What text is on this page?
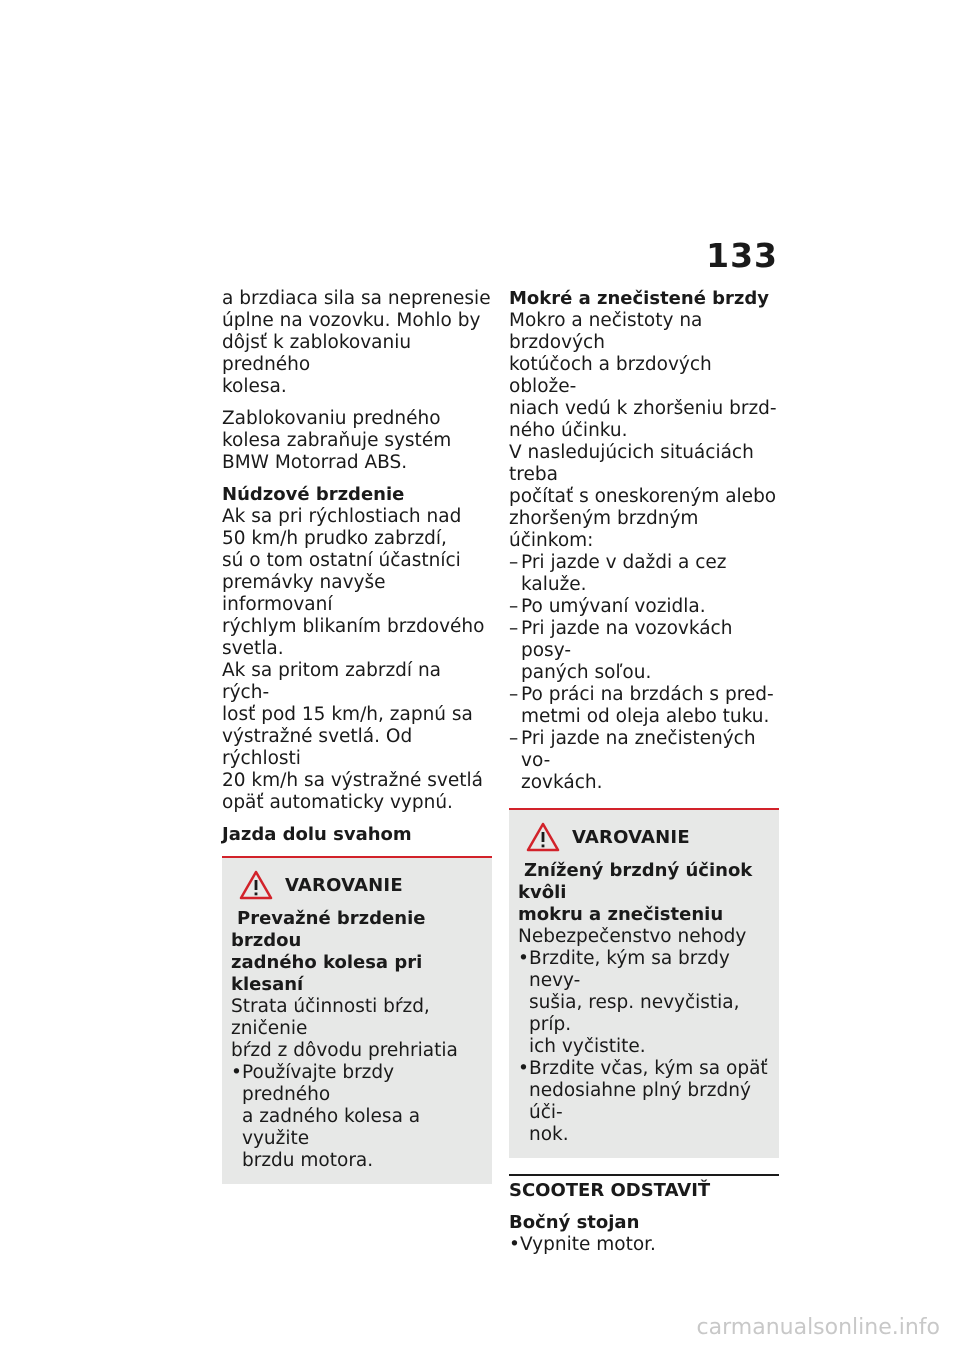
133

a brzdiaca sila sa neprenesie
úplne na vozovku. Mohlo by
dôjsť k zablokovaniu predného
kolesa.

Zablokovaniu predného
kolesa zabraňuje systém
BMW Motorrad ABS.

Núdzové brzdenie

Ak sa pri rýchlostiach nad
50 km/h prudko zabrzdí,
sú o tom ostatní účastníci
premávky navyše informovaní
rýchlym blikaním brzdového
svetla.

Ak sa pritom zabrzdí na rých-
losť pod 15 km/h, zapnú sa
výstražné svetlá. Od rýchlosti
20 km/h sa výstražné svetlá
opäť automaticky vypnú.

Jazda dolu svahom
VAROVANIE

Prevažné brzdenie brzdou
zadného kolesa pri klesaní

Strata účinnosti bŕzd, zničenie
bŕzd z dôvodu prehriatia

• Používajte brzdy predného
a zadného kolesa a využite
brzdu motora.
Mokré a znečistené brzdy

Mokro a nečistoty na brzdových
kotúčoch a brzdových oblože-
niach vedú k zhoršeniu brzd-
ného účinku.

V nasledujúcich situáciách treba
počítať s oneskoreným alebo
zhoršeným brzdným účinkom:

– Pri jazde v daždi a cez kaluže.
– Po umývaní vozidla.
– Pri jazde na vozovkách posy-
paných soľou.
– Po práci na brzdách s pred-
metmi od oleja alebo tuku.
– Pri jazde na znečistených vo-
zovkách.
VAROVANIE

Znížený brzdný účinok kvôli
mokru a znečisteniu

Nebezpečenstvo nehody

• Brzdite, kým sa brzdy nevy-
sušia, resp. nevyčistia, príp.
ich vyčistite.
• Brzdite včas, kým sa opäť
nedosiahne plný brzdný úči-
nok.
SCOOTER ODSTAVIŤ
Bočný stojan
• Vypnite motor.
carmanualsonline.info
